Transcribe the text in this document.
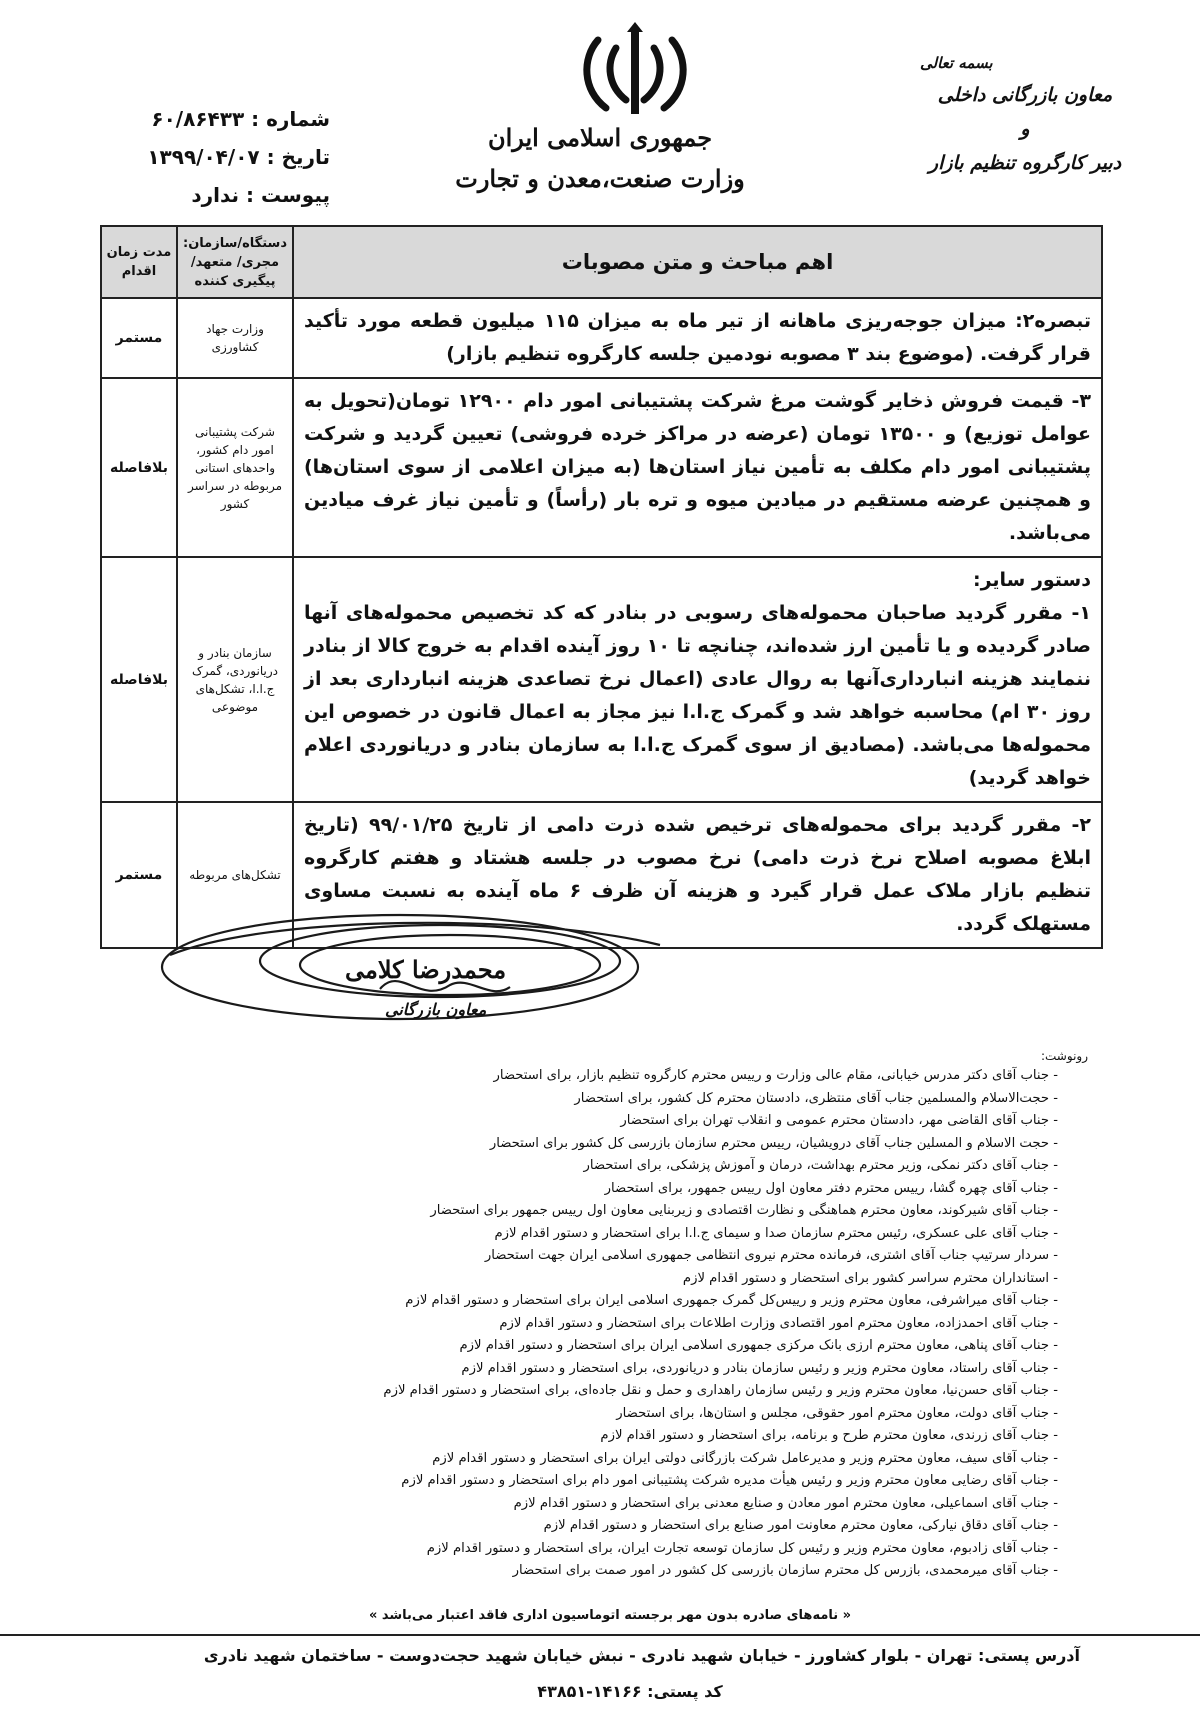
شماره : ۶۰/۸۶۴۳۳
تاریخ : ۱۳۹۹/۰۴/۰۷
پیوست : ندارد
جمهوری اسلامی ایران
وزارت صنعت،معدن و تجارت
بسمه تعالی
معاون بازرگانی داخلی
و
دبیر کارگروه تنظیم بازار
اهم مباحث و متن مصوبات	دستگاه/سازمان: مجری/ متعهد/ پیگیری کننده	مدت زمان اقدام
تبصره۲: میزان جوجه‌ریزی ماهانه از تیر ماه به میزان ۱۱۵ میلیون قطعه مورد تأکید قرار گرفت. (موضوع بند ۳ مصوبه نودمین جلسه کارگروه تنظیم بازار)	وزارت جهاد کشاورزی	مستمر
۳- قیمت فروش ذخایر گوشت مرغ شرکت پشتیبانی امور دام ۱۲۹۰۰ تومان(تحویل به عوامل توزیع) و ۱۳۵۰۰ تومان (عرضه در مراکز خرده فروشی) تعیین گردید و شرکت پشتیبانی امور دام مکلف به تأمین نیاز استان‌ها (به میزان اعلامی از سوی استان‌ها) و همچنین عرضه مستقیم در میادین میوه و تره بار (رأساً) و تأمین نیاز غرف میادین می‌باشد.	شرکت پشتیبانی امور دام کشور، واحدهای استانی مربوطه در سراسر کشور	بلافاصله

دستور سایر:
۱- مقرر گردید صاحبان محموله‌های رسوبی در بنادر که کد تخصیص محموله‌های آنها صادر گردیده و یا تأمین ارز شده‌اند، چنانچه تا ۱۰ روز آینده اقدام به خروج کالا از بنادر ننمایند هزینه انبارداری‌آنها به روال عادی (اعمال نرخ تصاعدی هزینه انبارداری بعد از روز ۳۰ ام) محاسبه خواهد شد و گمرک ج.ا.ا نیز مجاز به اعمال قانون در خصوص این محموله‌ها می‌باشد. (مصادیق از سوی گمرک ج.ا.ا به سازمان بنادر و دریانوردی اعلام خواهد گردید)	سازمان بنادر و دریانوردی، گمرک ج.ا.ا، تشکل‌های موضوعی	بلافاصله
۲- مقرر گردید برای محموله‌های ترخیص شده ذرت دامی از تاریخ ۹۹/۰۱/۲۵ (تاریخ ابلاغ مصوبه اصلاح نرخ ذرت دامی) نرخ مصوب در جلسه هشتاد و هفتم کارگروه تنظیم بازار ملاک عمل قرار گیرد و هزینه آن ظرف ۶ ماه آینده به نسبت مساوی مستهلک گردد.	تشکل‌های مربوطه	مستمر
محمدرضا کلامی
معاون بازرگانی
رونوشت:
- جناب آقای دکتر مدرس خیابانی، مقام عالی وزارت و رییس محترم کارگروه تنظیم بازار، برای استحضار
- حجت‌الاسلام والمسلمین جناب آقای منتظری، دادستان محترم کل کشور، برای استحضار
- جناب آقای القاضی مهر، دادستان محترم عمومی و انقلاب تهران برای استحضار
- حجت الاسلام و المسلین جناب آقای درویشیان، رییس محترم سازمان بازرسی کل کشور برای استحضار
- جناب آقای دکتر نمکی، وزیر محترم بهداشت، درمان و آموزش پزشکی، برای استحضار
- جناب آقای چهره گشا، رییس محترم دفتر معاون اول رییس جمهور، برای استحضار
- جناب آقای شیرکوند، معاون محترم هماهنگی و نظارت اقتصادی و زیربنایی معاون اول رییس جمهور برای استحضار
- جناب آقای علی عسکری، رئیس محترم سازمان صدا و سیمای ج.ا.ا برای استحضار و دستور اقدام لازم
- سردار سرتیپ جناب آقای اشتری، فرمانده محترم نیروی انتظامی جمهوری اسلامی ایران جهت استحضار
- استانداران محترم سراسر کشور برای استحضار و دستور اقدام لازم
- جناب آقای میراشرفی، معاون محترم وزیر و رییس‌کل گمرک جمهوری اسلامی ایران برای استحضار و دستور اقدام لازم
- جناب آقای احمدزاده، معاون محترم امور اقتصادی وزارت اطلاعات برای استحضار و دستور اقدام لازم
- جناب آقای پناهی، معاون محترم ارزی بانک مرکزی جمهوری اسلامی ایران برای استحضار و دستور اقدام لازم
- جناب آقای راستاد، معاون محترم وزیر و رئیس سازمان بنادر و دریانوردی، برای استحضار و دستور اقدام لازم
- جناب آقای حسن‌نیا، معاون محترم وزیر و رئیس سازمان راهداری و حمل و نقل جاده‌ای، برای استحضار و دستور اقدام لازم
- جناب آقای دولت، معاون محترم امور حقوقی، مجلس و استان‌ها، برای استحضار
- جناب آقای زرندی، معاون محترم طرح و برنامه، برای استحضار و دستور اقدام لازم
- جناب آقای سیف، معاون محترم وزیر و مدیرعامل شرکت بازرگانی دولتی ایران برای استحضار و دستور اقدام لازم
- جناب آقای رضایی معاون محترم وزیر و رئیس هیأت مدیره شرکت پشتیبانی امور دام برای استحضار و دستور اقدام لازم
- جناب آقای اسماعیلی، معاون محترم امور معادن و صنایع معدنی برای استحضار و دستور اقدام لازم
- جناب آقای دقاق نیارکی، معاون محترم معاونت امور صنایع برای استحضار و دستور اقدام لازم
- جناب آقای زادبوم، معاون محترم وزیر و رئیس کل سازمان توسعه تجارت ایران، برای استحضار و دستور اقدام لازم
- جناب آقای میرمحمدی، بازرس کل محترم سازمان بازرسی کل کشور در امور صمت برای استحضار
« نامه‌های صادره بدون مهر برجسته اتوماسیون اداری فاقد اعتبار می‌باشد »
آدرس پستی: تهران - بلوار کشاورز - خیابان شهید نادری - نبش خیابان شهید حجت‌دوست - ساختمان شهید نادری
کد پستی: ۱۴۱۶۶-۴۳۸۵۱
